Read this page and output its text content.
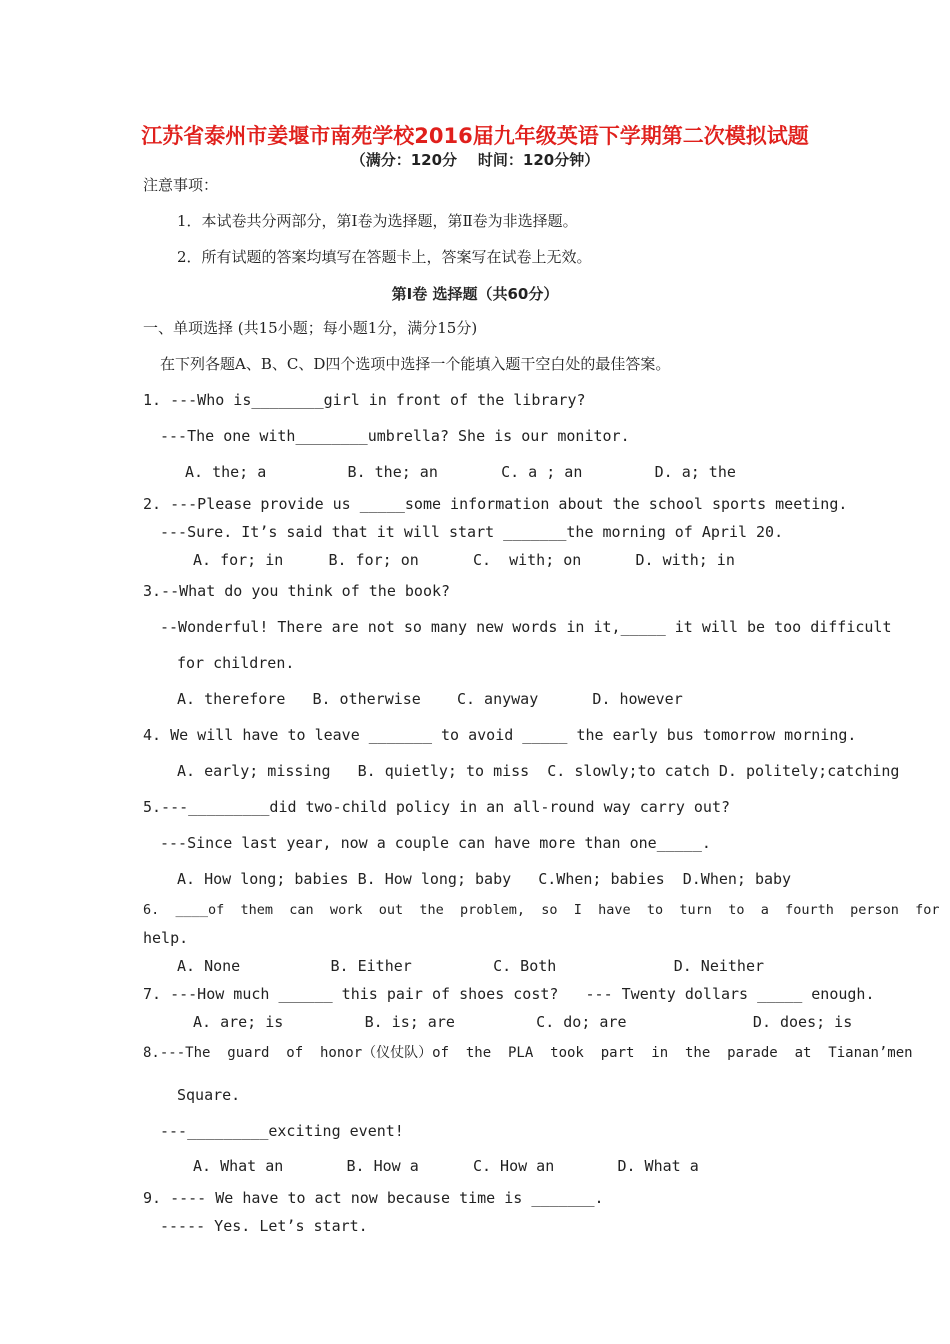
江苏省泰州市姜堰市南苑学校2016届九年级英语下学期第二次模拟试题
（满分：120分    时间：120分钟）
注意事项：
1．本试卷共分两部分，第Ⅰ卷为选择题，第Ⅱ卷为非选择题。
2．所有试题的答案均填写在答题卡上，答案写在试卷上无效。
第Ⅰ卷 选择题（共60分）
一、单项选择 (共15小题；每小题1分，满分15分)
在下列各题A、B、C、D四个选项中选择一个能填入题干空白处的最佳答案。
1. ---Who is________girl in front of the library?
---The one with________umbrella? She is our monitor.
A. the; a         B. the; an       C. a ; an        D. a; the
2. ---Please provide us _____some information about the school sports meeting.
---Sure. It’s said that it will start _______the morning of April 20.
A. for; in     B. for; on      C.  with; on      D. with; in
3.--What do you think of the book?
--Wonderful! There are not so many new words in it,_____ it will be too difficult
for children.
A. therefore   B. otherwise    C. anyway      D. however
4. We will have to leave _______ to avoid _____ the early bus tomorrow morning.
A. early; missing   B. quietly; to miss  C. slowly;to catch D. politely;catching
5.---_________did two-child policy in an all-round way carry out?
---Since last year, now a couple can have more than one_____.
A. How long; babies B. How long; baby   C.When; babies  D.When; baby
6.  ____of  them  can  work  out  the  problem,  so  I  have  to  turn  to  a  fourth  person  for
help.
A. None          B. Either         C. Both             D. Neither
7. ---How much ______ this pair of shoes cost?   --- Twenty dollars _____ enough.
A. are; is         B. is; are         C. do; are              D. does; is
8.---The  guard  of  honor（仪仗队）of  the  PLA  took  part  in  the  parade  at  Tianan’men
Square.
---_________exciting event!
A. What an       B. How a      C. How an       D. What a
9. ---- We have to act now because time is _______.
----- Yes. Let’s start.
